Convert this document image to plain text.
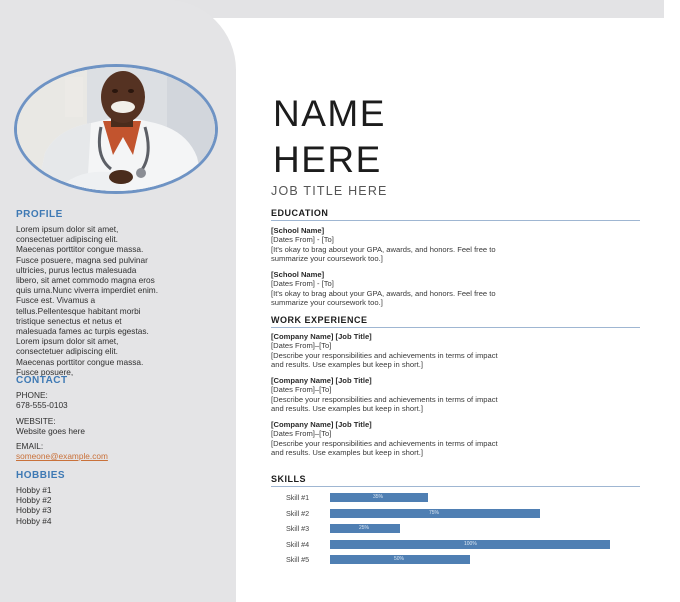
PROFILE
Lorem ipsum dolor sit amet,
consectetuer adipiscing elit.
Maecenas porttitor congue massa.
Fusce posuere, magna sed pulvinar
ultricies, purus lectus malesuada
libero, sit amet commodo magna eros
quis urna.Nunc viverra imperdiet enim.
Fusce est. Vivamus a
tellus.Pellentesque habitant morbi
tristique senectus et netus et
malesuada fames ac turpis egestas.
Lorem ipsum dolor sit amet,
consectetuer adipiscing elit.
Maecenas porttitor congue massa.
Fusce posuere,
CONTACT
PHONE:
678-555-0103
WEBSITE:
Website goes here
EMAIL:
someone@example.com
HOBBIES
Hobby #1
Hobby #2
Hobby #3
Hobby #4
NAME
HERE
JOB TITLE HERE
EDUCATION
[School Name]
[Dates From] - [To]
[It's okay to brag about your GPA, awards, and honors. Feel free to
summarize your coursework too.]
[School Name]
[Dates From] - [To]
[It's okay to brag about your GPA, awards, and honors. Feel free to
summarize your coursework too.]
WORK EXPERIENCE
[Company Name] [Job Title]
[Dates From]–[To]
[Describe your responsibilities and achievements in terms of impact
and results. Use examples but keep in short.]
[Company Name] [Job Title]
[Dates From]–[To]
[Describe your responsibilities and achievements in terms of impact
and results. Use examples but keep in short.]
[Company Name] [Job Title]
[Dates From]–[To]
[Describe your responsibilities and achievements in terms of impact
and results. Use examples but keep in short.]
SKILLS
Skill #1	35%
Skill #2	75%
Skill #3	25%
Skill #4	100%
Skill #5	50%
